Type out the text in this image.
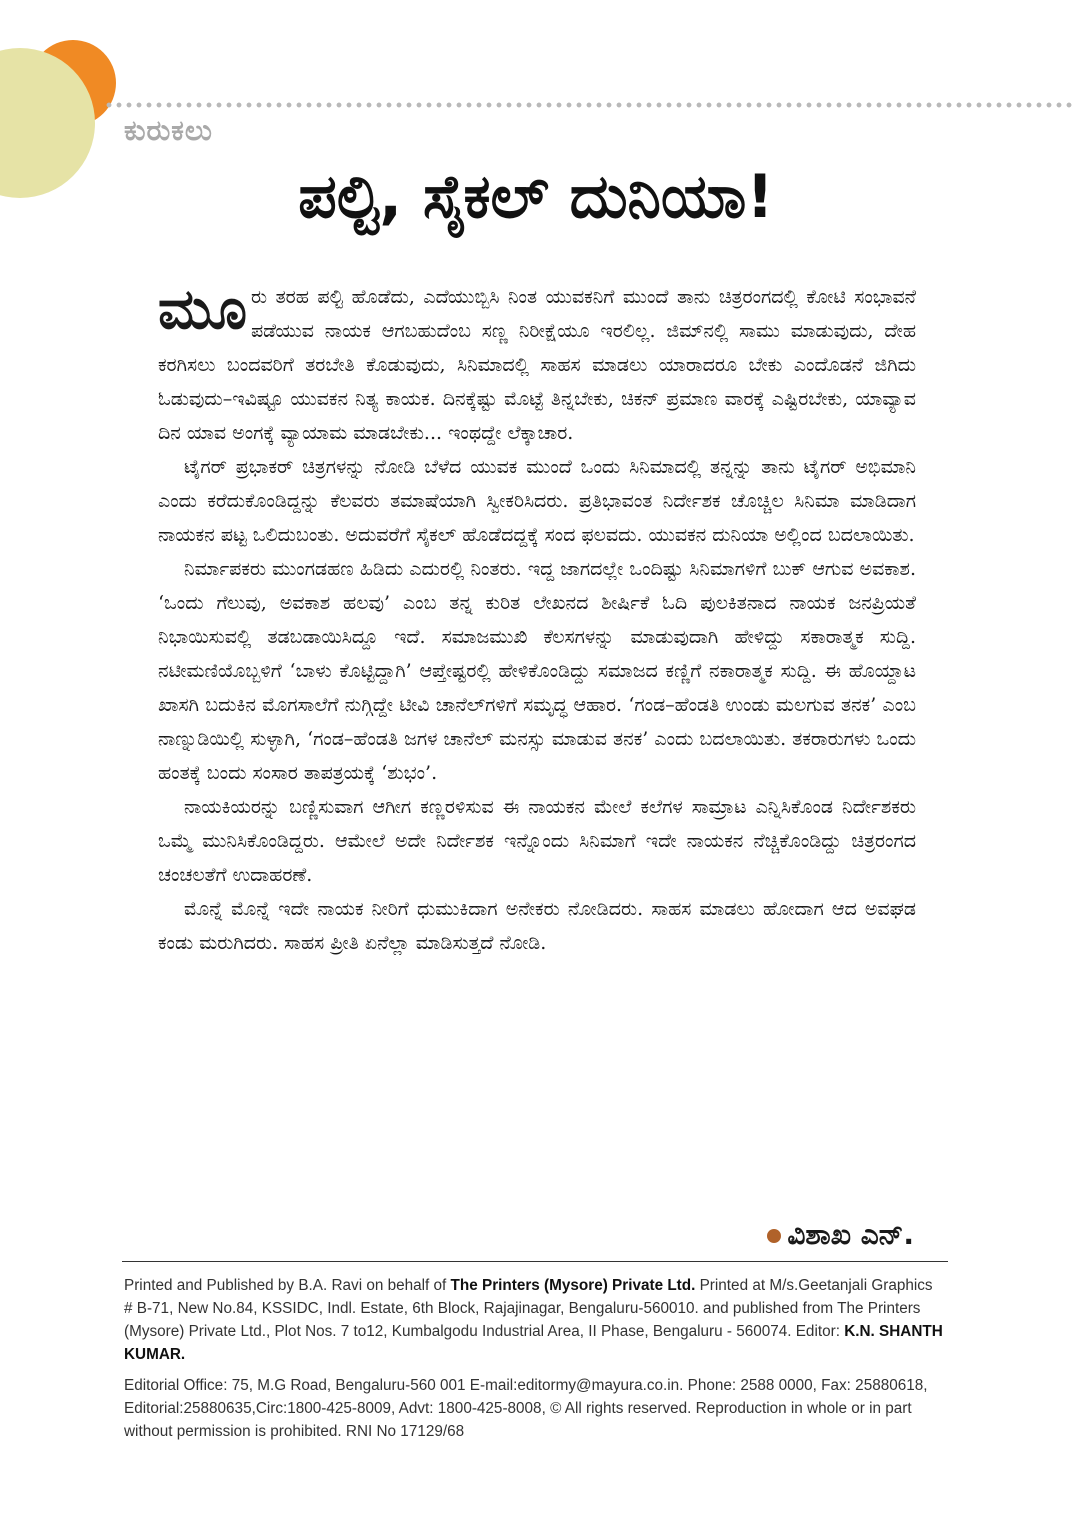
ಕುರುಕಲು
ಪಲ್ಟಿ, ಸೈಕಲ್ ದುನಿಯಾ!

ಮೂರು ತರಹ ಪಲ್ಟಿ ಹೊಡೆದು, ಎದೆಯುಬ್ಬಿಸಿ ನಿಂತ ಯುವಕನಿಗೆ ಮುಂದೆ ತಾನು ಚಿತ್ರರಂಗದಲ್ಲಿ ಕೋಟಿ ಸಂಭಾವನೆ ಪಡೆಯುವ ನಾಯಕ ಆಗಬಹುದೆಂಬ ಸಣ್ಣ ನಿರೀಕ್ಷೆಯೂ ಇರಲಿಲ್ಲ. ಜಿಮ್‌ನಲ್ಲಿ ಸಾಮು ಮಾಡುವುದು, ದೇಹ ಕರಗಿಸಲು ಬಂದವರಿಗೆ ತರಬೇತಿ ಕೊಡುವುದು, ಸಿನಿಮಾದಲ್ಲಿ ಸಾಹಸ ಮಾಡಲು ಯಾರಾದರೂ ಬೇಕು ಎಂದೊಡನೆ ಜಿಗಿದು ಓಡುವುದು–ಇವಿಷ್ಟೂ ಯುವಕನ ನಿತ್ಯ ಕಾಯಕ. ದಿನಕ್ಕೆಷ್ಟು ಮೊಟ್ಟೆ ತಿನ್ನಬೇಕು, ಚಿಕನ್ ಪ್ರಮಾಣ ವಾರಕ್ಕೆ ಎಷ್ಟಿರಬೇಕು, ಯಾವ್ಯಾವ ದಿನ ಯಾವ ಅಂಗಕ್ಕೆ ವ್ಯಾಯಾಮ ಮಾಡಬೇಕು... ಇಂಥದ್ದೇ ಲೆಕ್ಕಾಚಾರ.

ಟೈಗರ್ ಪ್ರಭಾಕರ್ ಚಿತ್ರಗಳನ್ನು ನೋಡಿ ಬೆಳೆದ ಯುವಕ ಮುಂದೆ ಒಂದು ಸಿನಿಮಾದಲ್ಲಿ ತನ್ನನ್ನು ತಾನು ಟೈಗರ್ ಅಭಿಮಾನಿ ಎಂದು ಕರೆದುಕೊಂಡಿದ್ದನ್ನು ಕೆಲವರು ತಮಾಷೆಯಾಗಿ ಸ್ವೀಕರಿಸಿದರು. ಪ್ರತಿಭಾವಂತ ನಿರ್ದೇಶಕ ಚೊಚ್ಚಿಲ ಸಿನಿಮಾ ಮಾಡಿದಾಗ ನಾಯಕನ ಪಟ್ಟ ಒಲಿದುಬಂತು. ಅದುವರೆಗೆ ಸೈಕಲ್ ಹೊಡೆದದ್ದಕ್ಕೆ ಸಂದ ಫಲವದು. ಯುವಕನ ದುನಿಯಾ ಅಲ್ಲಿಂದ ಬದಲಾಯಿತು.

ನಿರ್ಮಾಪಕರು ಮುಂಗಡಹಣ ಹಿಡಿದು ಎದುರಲ್ಲಿ ನಿಂತರು. ಇದ್ದ ಜಾಗದಲ್ಲೇ ಒಂದಿಷ್ಟು ಸಿನಿಮಾಗಳಿಗೆ ಬುಕ್ ಆಗುವ ಅವಕಾಶ. ‘ಒಂದು ಗೆಲುವು, ಅವಕಾಶ ಹಲವು’ ಎಂಬ ತನ್ನ ಕುರಿತ ಲೇಖನದ ಶೀರ್ಷಿಕೆ ಓದಿ ಪುಲಕಿತನಾದ ನಾಯಕ ಜನಪ್ರಿಯತೆ ನಿಭಾಯಿಸುವಲ್ಲಿ ತಡಬಡಾಯಿಸಿದ್ದೂ ಇದೆ. ಸಮಾಜಮುಖಿ ಕೆಲಸಗಳನ್ನು ಮಾಡುವುದಾಗಿ ಹೇಳಿದ್ದು ಸಕಾರಾತ್ಮಕ ಸುದ್ದಿ. ನಟೀಮಣಿಯೊಬ್ಬಳಿಗೆ ‘ಬಾಳು ಕೊಟ್ಟಿದ್ದಾಗಿ’ ಆಪ್ತೇಷ್ಟರಲ್ಲಿ ಹೇಳಿಕೊಂಡಿದ್ದು ಸಮಾಜದ ಕಣ್ಣಿಗೆ ನಕಾರಾತ್ಮಕ ಸುದ್ದಿ. ಈ ಹೊಯ್ದಾಟ ಖಾಸಗಿ ಬದುಕಿನ ಮೊಗಸಾಲೆಗೆ ನುಗ್ಗಿದ್ದೇ ಟೀವಿ ಚಾನೆಲ್‌ಗಳಿಗೆ ಸಮೃದ್ಧ ಆಹಾರ. ‘ಗಂಡ–ಹೆಂಡತಿ ಉಂಡು ಮಲಗುವ ತನಕ’ ಎಂಬ ನಾಣ್ನುಡಿಯಿಲ್ಲಿ ಸುಳ್ಳಾಗಿ, ‘ಗಂಡ–ಹೆಂಡತಿ ಜಗಳ ಚಾನೆಲ್ ಮನಸ್ಸು ಮಾಡುವ ತನಕ’ ಎಂದು ಬದಲಾಯಿತು. ತಕರಾರುಗಳು ಒಂದು ಹಂತಕ್ಕೆ ಬಂದು ಸಂಸಾರ ತಾಪತ್ರಯಕ್ಕೆ ‘ಶುಭಂ’.

ನಾಯಕಿಯರನ್ನು ಬಣ್ಣಿಸುವಾಗ ಆಗೀಗ ಕಣ್ಣರಳಿಸುವ ಈ ನಾಯಕನ ಮೇಲೆ ಕಲೆಗಳ ಸಾಮ್ರಾಟ ಎನ್ನಿಸಿಕೊಂಡ ನಿರ್ದೇಶಕರು ಒಮ್ಮೆ ಮುನಿಸಿಕೊಂಡಿದ್ದರು. ಆಮೇಲೆ ಅದೇ ನಿರ್ದೇಶಕ ಇನ್ನೊಂದು ಸಿನಿಮಾಗೆ ಇದೇ ನಾಯಕನ ನೆಚ್ಚಿಕೊಂಡಿದ್ದು ಚಿತ್ರರಂಗದ ಚಂಚಲತೆಗೆ ಉದಾಹರಣೆ.

ಮೊನ್ನೆ ಮೊನ್ನೆ ಇದೇ ನಾಯಕ ನೀರಿಗೆ ಧುಮುಕಿದಾಗ ಅನೇಕರು ನೋಡಿದರು. ಸಾಹಸ ಮಾಡಲು ಹೋದಾಗ ಆದ ಅವಘಡ ಕಂಡು ಮರುಗಿದರು. ಸಾಹಸ ಪ್ರೀತಿ ಏನೆಲ್ಲಾ ಮಾಡಿಸುತ್ತದೆ ನೋಡಿ.

ವಿಶಾಖ ಎನ್.

Printed and Published by B.A. Ravi on behalf of The Printers (Mysore) Private Ltd. Printed at M/s.Geetanjali Graphics # B-71, New No.84, KSSIDC, Indl. Estate, 6th Block, Rajajinagar, Bengaluru-560010. and published from The Printers (Mysore) Private Ltd., Plot Nos. 7 to12, Kumbalgodu Industrial Area, II Phase, Bengaluru - 560074. Editor: K.N. SHANTH KUMAR.

Editorial Office: 75, M.G Road, Bengaluru-560 001 E-mail:editormy@mayura.co.in. Phone: 2588 0000, Fax: 25880618, Editorial:25880635,Circ:1800-425-8009, Advt: 1800-425-8008, © All rights reserved. Reproduction in whole or in part without permission is prohibited. RNI No 17129/68
